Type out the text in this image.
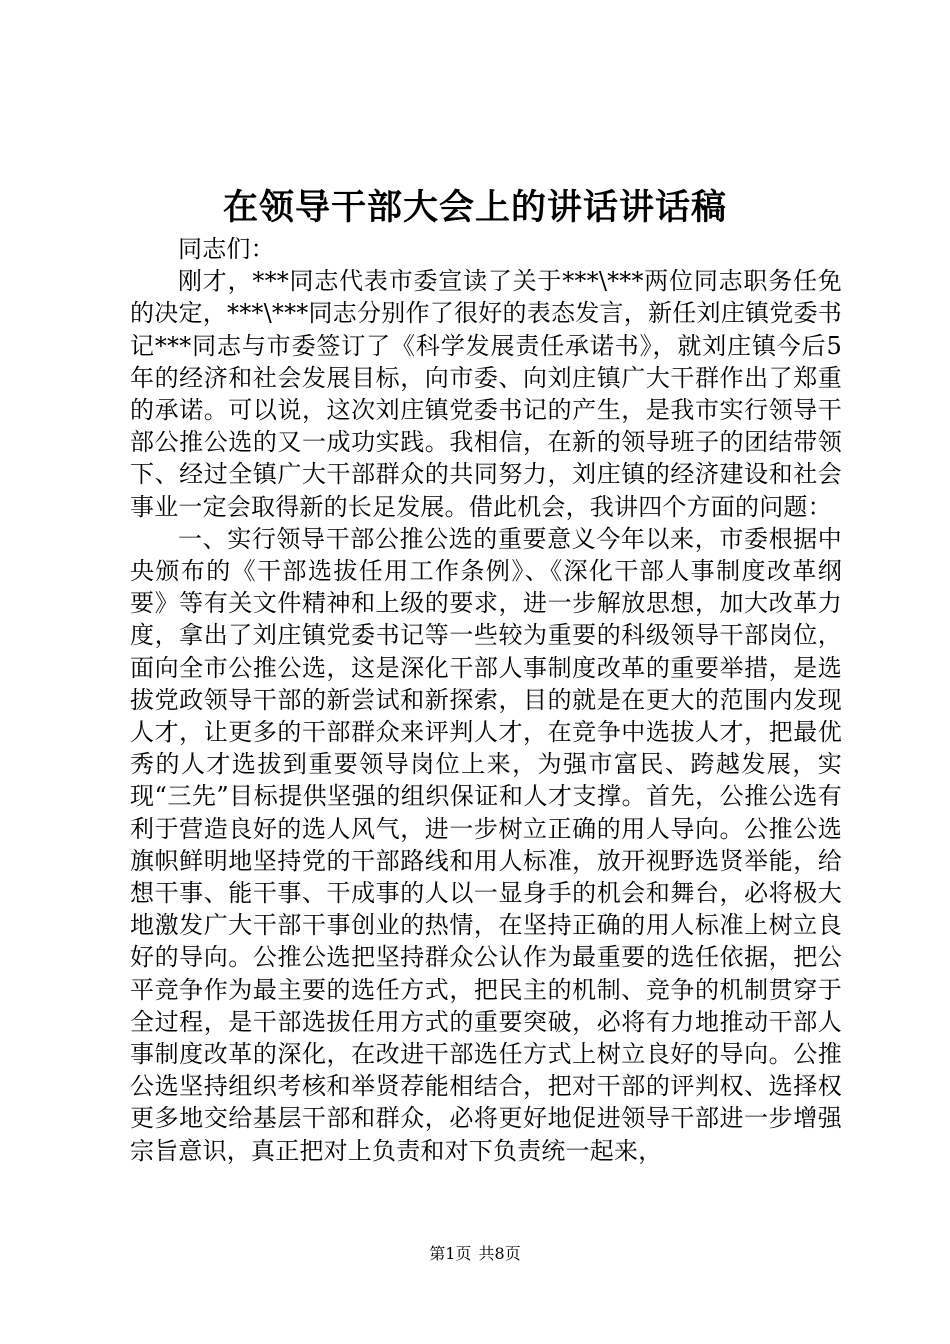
在领导干部大会上的讲话讲话稿

同志们：

刚才，***同志代表市委宣读了关于***\***两位同志职务任免的决定，***\***同志分别作了很好的表态发言，新任刘庄镇党委书记***同志与市委签订了《科学发展责任承诺书》，就刘庄镇今后5年的经济和社会发展目标，向市委、向刘庄镇广大干群作出了郑重的承诺。可以说，这次刘庄镇党委书记的产生，是我市实行领导干部公推公选的又一成功实践。我相信，在新的领导班子的团结带领下、经过全镇广大干部群众的共同努力，刘庄镇的经济建设和社会事业一定会取得新的长足发展。借此机会，我讲四个方面的问题：

一、实行领导干部公推公选的重要意义今年以来，市委根据中央颁布的《干部选拔任用工作条例》、《深化干部人事制度改革纲要》等有关文件精神和上级的要求，进一步解放思想，加大改革力度，拿出了刘庄镇党委书记等一些较为重要的科级领导干部岗位，面向全市公推公选，这是深化干部人事制度改革的重要举措，是选拔党政领导干部的新尝试和新探索，目的就是在更大的范围内发现人才，让更多的干部群众来评判人才，在竞争中选拔人才，把最优秀的人才选拔到重要领导岗位上来，为强市富民、跨越发展，实现“三先”目标提供坚强的组织保证和人才支撑。首先，公推公选有利于营造良好的选人风气，进一步树立正确的用人导向。公推公选旗帜鲜明地坚持党的干部路线和用人标准，放开视野选贤举能，给想干事、能干事、干成事的人以一显身手的机会和舞台，必将极大地激发广大干部干事创业的热情，在坚持正确的用人标准上树立良好的导向。公推公选把坚持群众公认作为最重要的选任依据，把公平竞争作为最主要的选任方式，把民主的机制、竞争的机制贯穿于全过程，是干部选拔任用方式的重要突破，必将有力地推动干部人事制度改革的深化，在改进干部选任方式上树立良好的导向。公推公选坚持组织考核和举贤荐能相结合，把对干部的评判权、选择权更多地交给基层干部和群众，必将更好地促进领导干部进一步增强宗旨意识，真正把对上负责和对下负责统一起来，

第1页 共8页
